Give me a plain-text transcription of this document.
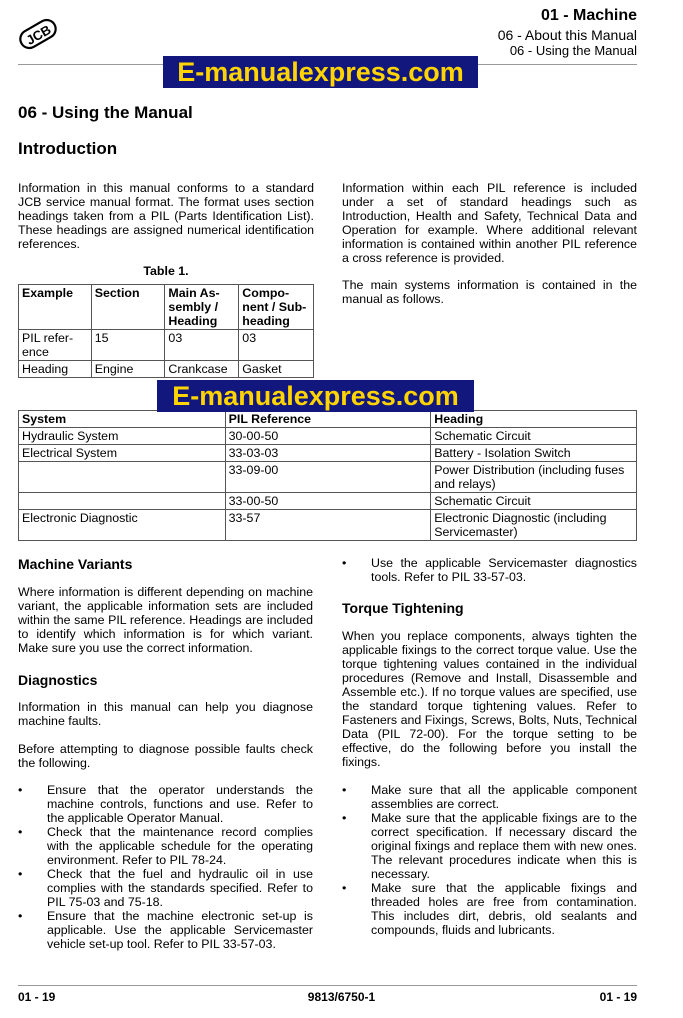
JCB
01 - Machine
06 - About this Manual
06 - Using the Manual
E-manualexpress.com
06 - Using the Manual
Introduction
Information in this manual conforms to a standard JCB service manual format. The format uses section headings taken from a PIL (Parts Identification List). These headings are assigned numerical identification references.
Information within each PIL reference is included under a set of standard headings such as Introduction, Health and Safety, Technical Data and Operation for example. Where additional relevant information is contained within another PIL reference a cross reference is provided.
The main systems information is contained in the manual as follows.
Table 1.
Example	Section	Main As-sembly / Heading	Compo-nent / Sub-heading
PIL refer-ence	15	03	03
Heading	Engine	Crankcase	Gasket
System	PIL Reference	Heading
Hydraulic System	30-00-50	Schematic Circuit
Electrical System	33-03-03	Battery - Isolation Switch
	33-09-00	Power Distribution (including fuses and relays)
	33-00-50	Schematic Circuit
Electronic Diagnostic	33-57	Electronic Diagnostic (including Servicemaster)
E-manualexpress.com
Machine Variants
Where information is different depending on machine variant, the applicable information sets are included within the same PIL reference. Headings are included to identify which information is for which variant. Make sure you use the correct information.
Diagnostics
Information in this manual can help you diagnose machine faults.
Before attempting to diagnose possible faults check the following.
• Ensure that the operator understands the machine controls, functions and use. Refer to the applicable Operator Manual.
• Check that the maintenance record complies with the applicable schedule for the operating environment. Refer to PIL 78-24.
• Check that the fuel and hydraulic oil in use complies with the standards specified. Refer to PIL 75-03 and 75-18.
• Ensure that the machine electronic set-up is applicable. Use the applicable Servicemaster vehicle set-up tool. Refer to PIL 33-57-03.
• Use the applicable Servicemaster diagnostics tools. Refer to PIL 33-57-03.
Torque Tightening
When you replace components, always tighten the applicable fixings to the correct torque value. Use the torque tightening values contained in the individual procedures (Remove and Install, Disassemble and Assemble etc.). If no torque values are specified, use the standard torque tightening values. Refer to Fasteners and Fixings, Screws, Bolts, Nuts, Technical Data (PIL 72-00). For the torque setting to be effective, do the following before you install the fixings.
• Make sure that all the applicable component assemblies are correct.
• Make sure that the applicable fixings are to the correct specification. If necessary discard the original fixings and replace them with new ones. The relevant procedures indicate when this is necessary.
• Make sure that the applicable fixings and threaded holes are free from contamination. This includes dirt, debris, old sealants and compounds, fluids and lubricants.
01 - 19	9813/6750-1	01 - 19
